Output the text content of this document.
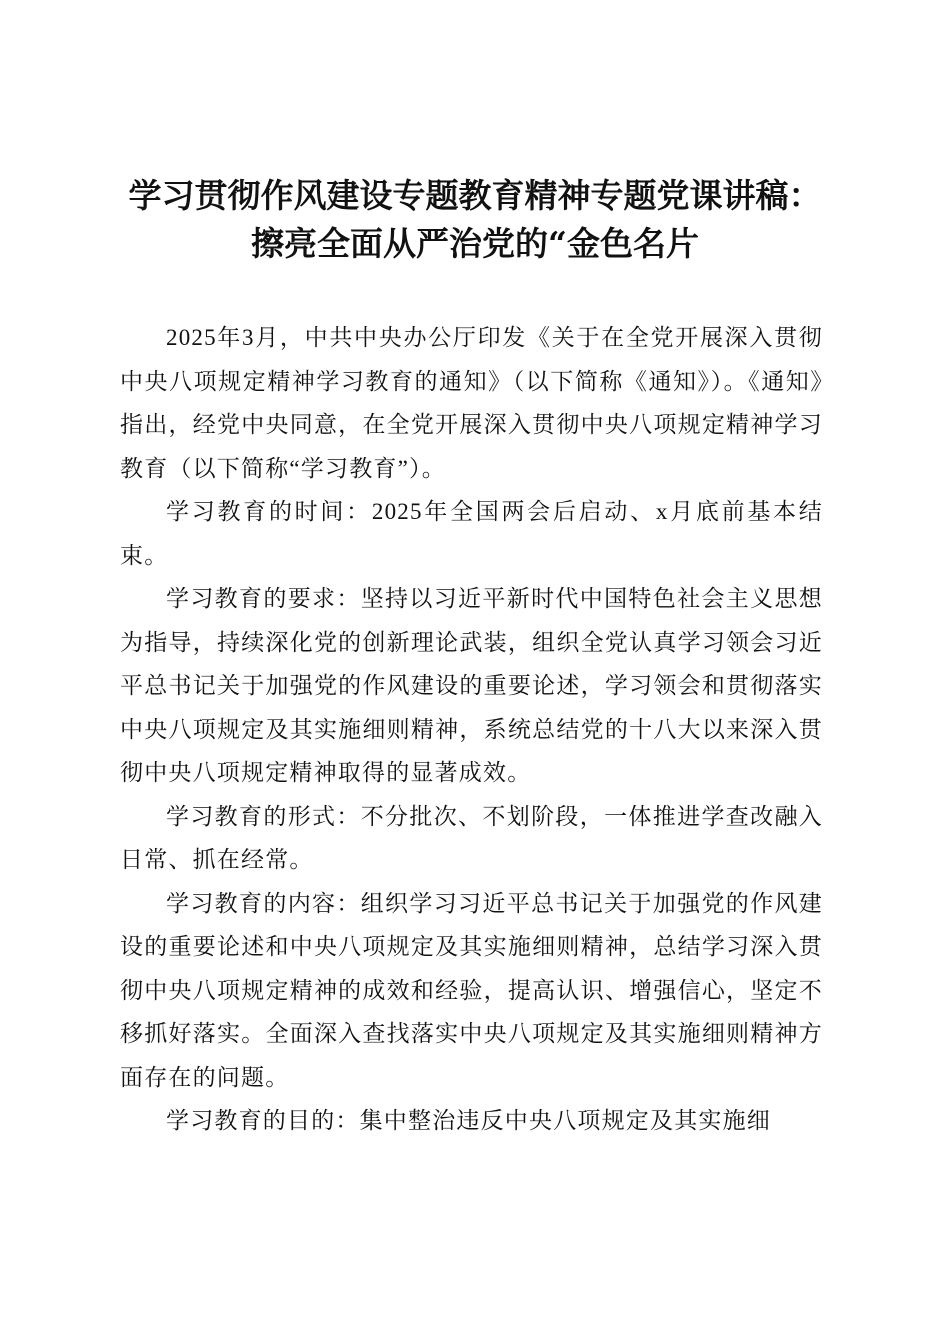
学习贯彻作风建设专题教育精神专题党课讲稿：
擦亮全面从严治党的“金色名片

2025年3月，中共中央办公厅印发《关于在全党开展深入贯彻中央八项规定精神学习教育的通知》（以下简称《通知》）。《通知》指出，经党中央同意，在全党开展深入贯彻中央八项规定精神学习教育（以下简称“学习教育”）。

学习教育的时间：2025年全国两会后启动、x月底前基本结束。

学习教育的要求：坚持以习近平新时代中国特色社会主义思想为指导，持续深化党的创新理论武装，组织全党认真学习领会习近平总书记关于加强党的作风建设的重要论述，学习领会和贯彻落实中央八项规定及其实施细则精神，系统总结党的十八大以来深入贯彻中央八项规定精神取得的显著成效。

学习教育的形式：不分批次、不划阶段，一体推进学查改融入日常、抓在经常。

学习教育的内容：组织学习习近平总书记关于加强党的作风建设的重要论述和中央八项规定及其实施细则精神，总结学习深入贯彻中央八项规定精神的成效和经验，提高认识、增强信心，坚定不移抓好落实。全面深入查找落实中央八项规定及其实施细则精神方面存在的问题。

学习教育的目的：集中整治违反中央八项规定及其实施细
